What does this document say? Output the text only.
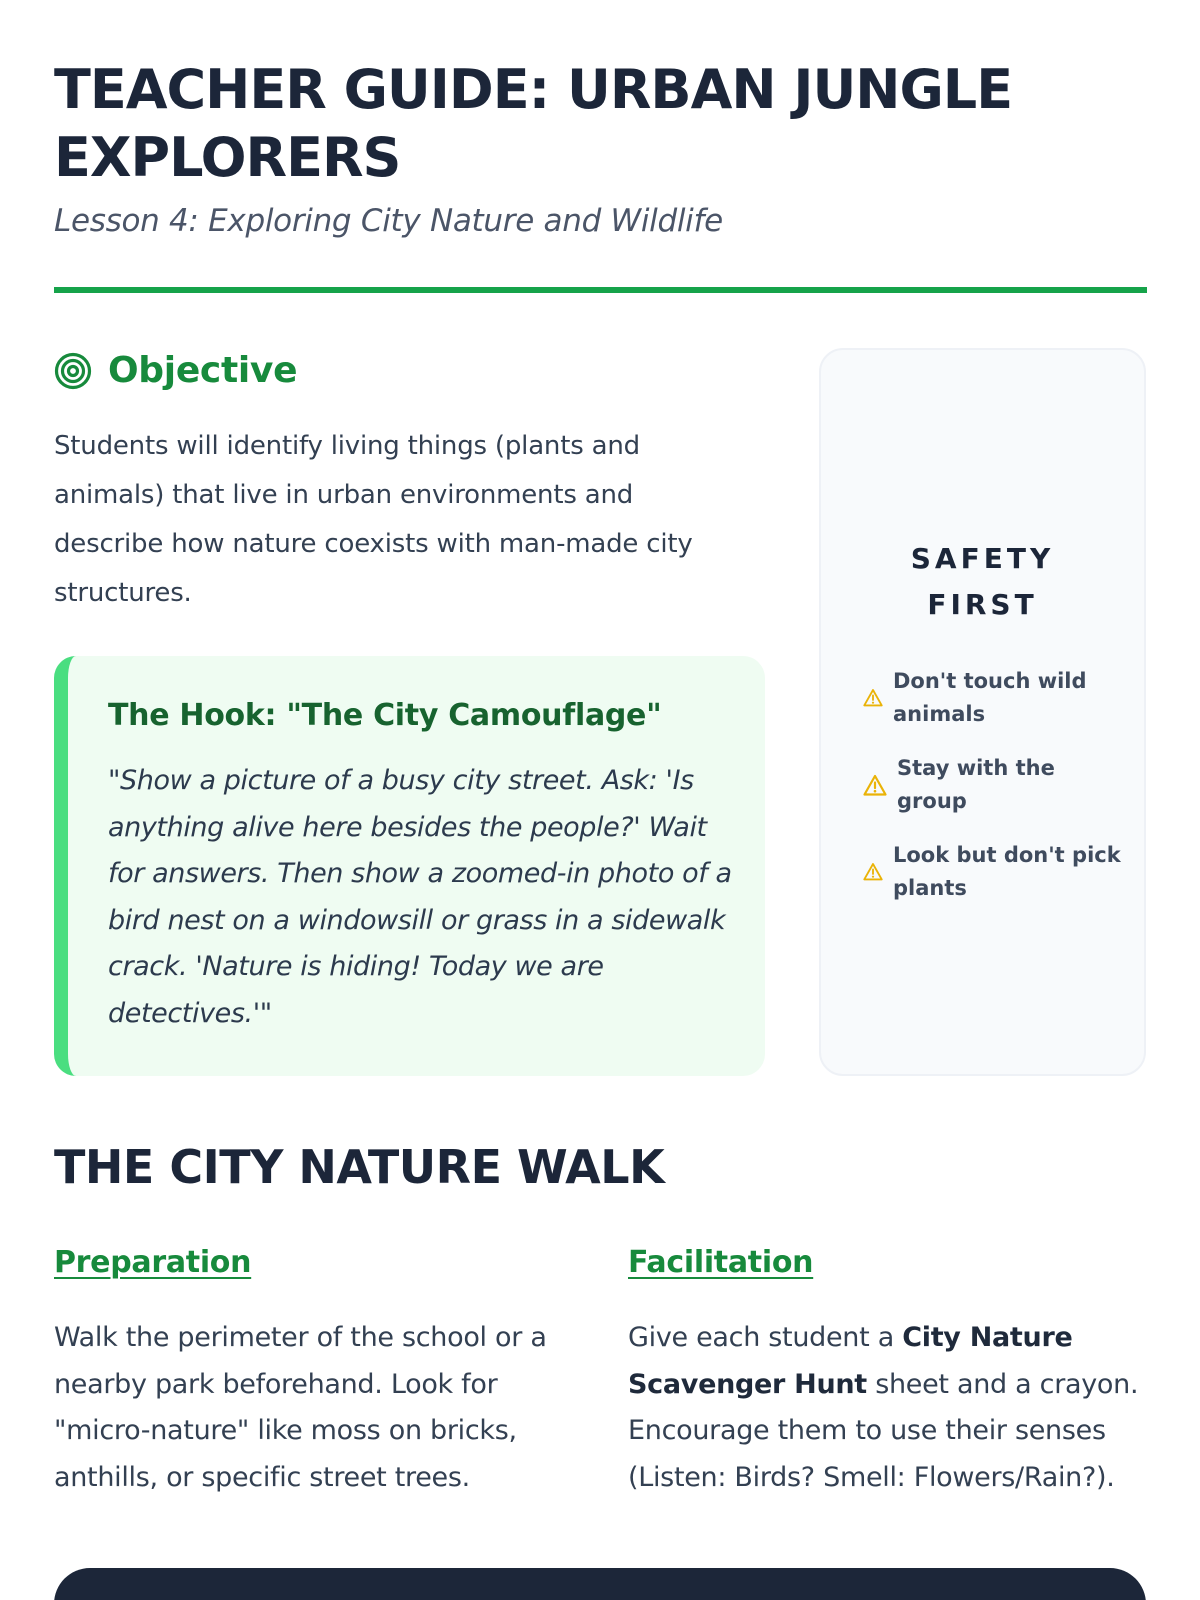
TEACHER GUIDE: URBAN JUNGLE EXPLORERS

Lesson 4: Exploring City Nature and Wildlife

Objective

Students will identify living things (plants and animals) that live in urban environments and describe how nature coexists with man-made city structures.

The Hook: "The City Camouflage"

"Show a picture of a busy city street. Ask: 'Is anything alive here besides the people?' Wait for answers. Then show a zoomed-in photo of a bird nest on a windowsill or grass in a sidewalk crack. 'Nature is hiding! Today we are detectives.'"

SAFETY
FIRST
Don't touch wild animals
Stay with the group
Look but don't pick plants
THE CITY NATURE WALK
Preparation

Walk the perimeter of the school or a nearby park beforehand. Look for "micro-nature" like moss on bricks, anthills, or specific street trees.

Facilitation

Give each student a City Nature Scavenger Hunt sheet and a crayon. Encourage them to use their senses (Listen: Birds? Smell: Flowers/Rain?).
